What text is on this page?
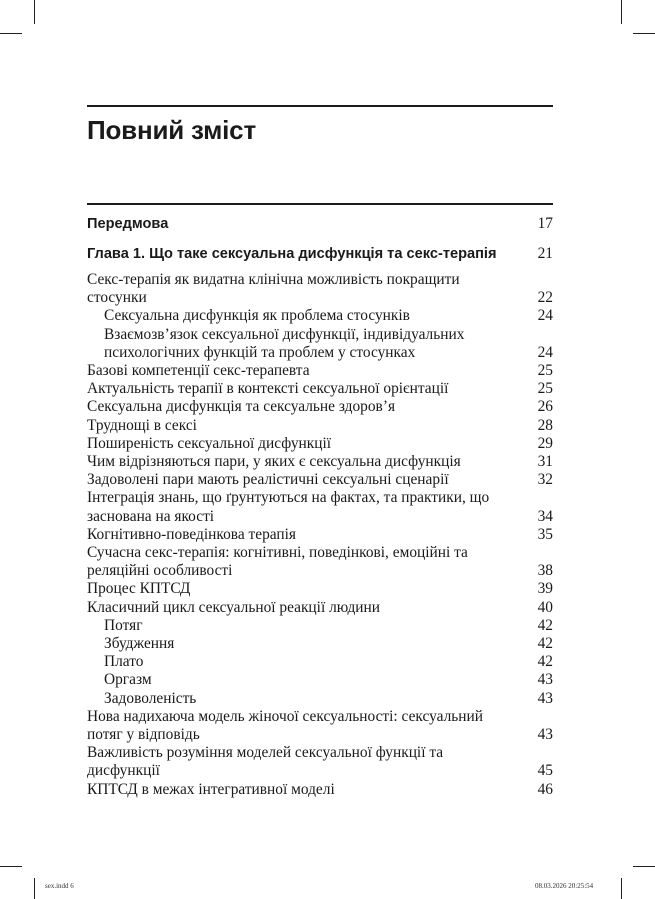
Повний зміст
Передмова	17
Глава 1. Що таке сексуальна дисфункція та секс-терапія	21
Секс-терапія як видатна клінічна можливість покращити стосунки	22
Сексуальна дисфункція як проблема стосунків	24
Взаємозв’язок сексуальної дисфункції, індивідуальних психологічних функцій та проблем у стосунках	24
Базові компетенції секс-терапевта	25
Актуальність терапії в контексті сексуальної орієнтації	25
Сексуальна дисфункція та сексуальне здоров’я	26
Труднощі в сексі	28
Поширеність сексуальної дисфункції	29
Чим відрізняються пари, у яких є сексуальна дисфункція	31
Задоволені пари мають реалістичні сексуальні сценарії	32
Інтеграція знань, що ґрунтуються на фактах, та практики, що заснована на якості	34
Когнітивно-поведінкова терапія	35
Сучасна секс-терапія: когнітивні, поведінкові, емоційні та реляційні особливості	38
Процес КПТСД	39
Класичний цикл сексуальної реакції людини	40
Потяг	42
Збудження	42
Плато	42
Оргазм	43
Задоволеність	43
Нова надихаюча модель жіночої сексуальності: сексуальний потяг у відповідь	43
Важливість розуміння моделей сексуальної функції та дисфункції	45
КПТСД в межах інтегративної моделі	46
sex.indd 6	08.03.2026 20:25:54
